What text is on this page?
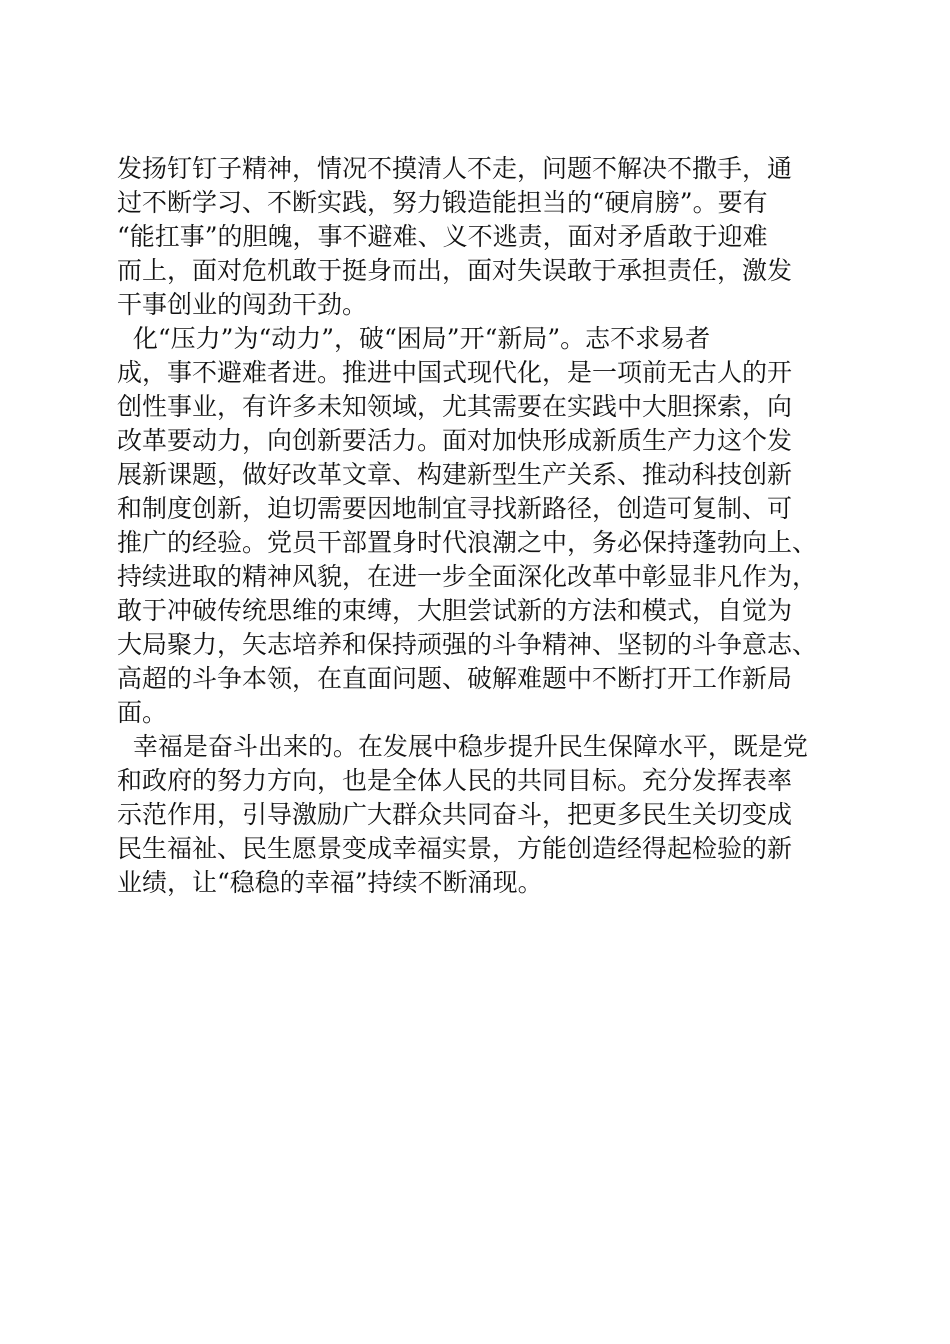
发扬钉钉子精神，情况不摸清人不走，问题不解决不撒手，通
过不断学习、不断实践，努力锻造能担当的“硬肩膀”。要有
“能扛事”的胆魄，事不避难、义不逃责，面对矛盾敢于迎难
而上，面对危机敢于挺身而出，面对失误敢于承担责任，激发
干事创业的闯劲干劲。
化“压力”为“动力”，破“困局”开“新局”。志不求易者
成，事不避难者进。推进中国式现代化，是一项前无古人的开
创性事业，有许多未知领域，尤其需要在实践中大胆探索，向
改革要动力，向创新要活力。面对加快形成新质生产力这个发
展新课题，做好改革文章、构建新型生产关系、推动科技创新
和制度创新，迫切需要因地制宜寻找新路径，创造可复制、可
推广的经验。党员干部置身时代浪潮之中，务必保持蓬勃向上、
持续进取的精神风貌，在进一步全面深化改革中彰显非凡作为，
敢于冲破传统思维的束缚，大胆尝试新的方法和模式，自觉为
大局聚力，矢志培养和保持顽强的斗争精神、坚韧的斗争意志、
高超的斗争本领，在直面问题、破解难题中不断打开工作新局
面。
幸福是奋斗出来的。在发展中稳步提升民生保障水平，既是党
和政府的努力方向，也是全体人民的共同目标。充分发挥表率
示范作用，引导激励广大群众共同奋斗，把更多民生关切变成
民生福祉、民生愿景变成幸福实景，方能创造经得起检验的新
业绩，让“稳稳的幸福”持续不断涌现。
